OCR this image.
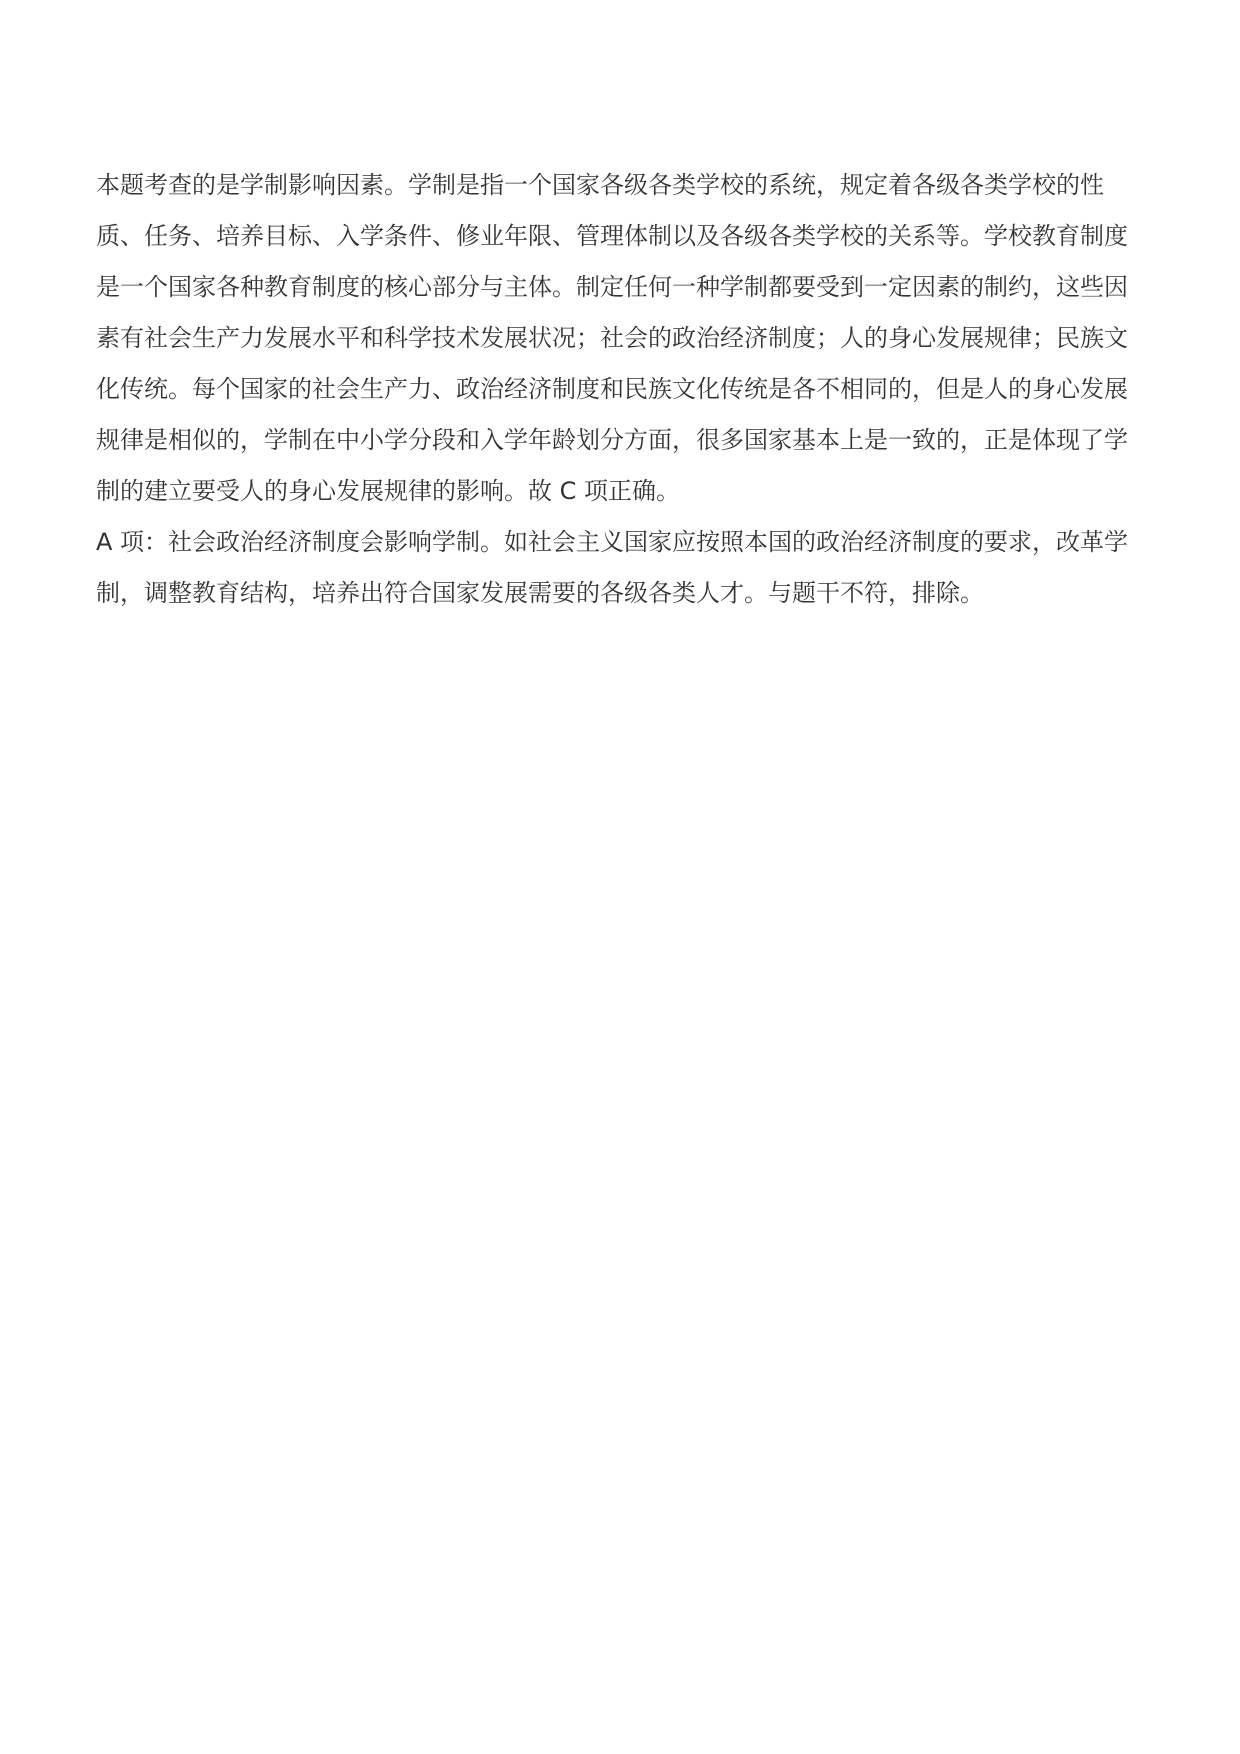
本题考查的是学制影响因素。学制是指一个国家各级各类学校的系统，规定着各级各类学校的性质、任务、培养目标、入学条件、修业年限、管理体制以及各级各类学校的关系等。学校教育制度是一个国家各种教育制度的核心部分与主体。制定任何一种学制都要受到一定因素的制约，这些因素有社会生产力发展水平和科学技术发展状况；社会的政治经济制度；人的身心发展规律；民族文化传统。每个国家的社会生产力、政治经济制度和民族文化传统是各不相同的，但是人的身心发展规律是相似的，学制在中小学分段和入学年龄划分方面，很多国家基本上是一致的，正是体现了学制的建立要受人的身心发展规律的影响。故 C 项正确。

A 项：社会政治经济制度会影响学制。如社会主义国家应按照本国的政治经济制度的要求，改革学制，调整教育结构，培养出符合国家发展需要的各级各类人才。与题干不符，排除。
